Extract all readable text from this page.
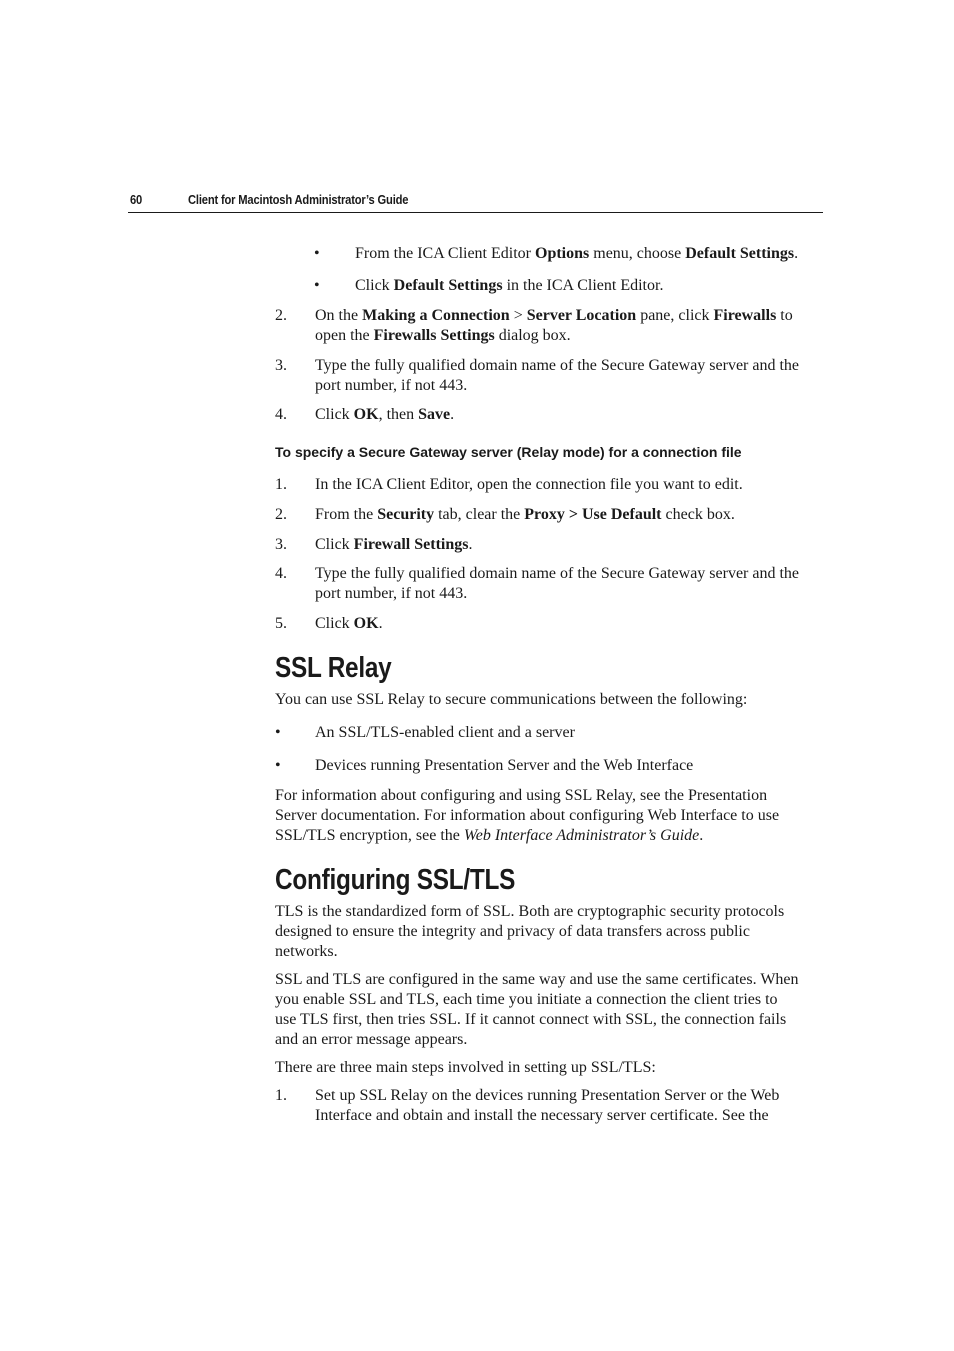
60	Client for Macintosh Administrator’s Guide
• From the ICA Client Editor Options menu, choose Default Settings.
• Click Default Settings in the ICA Client Editor.
2. On the Making a Connection > Server Location pane, click Firewalls to
open the Firewalls Settings dialog box.
3. Type the fully qualified domain name of the Secure Gateway server and the
port number, if not 443.
4. Click OK, then Save.
To specify a Secure Gateway server (Relay mode) for a connection file
1. In the ICA Client Editor, open the connection file you want to edit.
2. From the Security tab, clear the Proxy > Use Default check box.
3. Click Firewall Settings.
4. Type the fully qualified domain name of the Secure Gateway server and the
port number, if not 443.
5. Click OK.
SSL Relay
You can use SSL Relay to secure communications between the following:
• An SSL/TLS-enabled client and a server
• Devices running Presentation Server and the Web Interface
For information about configuring and using SSL Relay, see the Presentation
Server documentation. For information about configuring Web Interface to use
SSL/TLS encryption, see the Web Interface Administrator’s Guide.
Configuring SSL/TLS
TLS is the standardized form of SSL. Both are cryptographic security protocols
designed to ensure the integrity and privacy of data transfers across public
networks.
SSL and TLS are configured in the same way and use the same certificates. When
you enable SSL and TLS, each time you initiate a connection the client tries to
use TLS first, then tries SSL. If it cannot connect with SSL, the connection fails
and an error message appears.
There are three main steps involved in setting up SSL/TLS:
1. Set up SSL Relay on the devices running Presentation Server or the Web
Interface and obtain and install the necessary server certificate. See the
